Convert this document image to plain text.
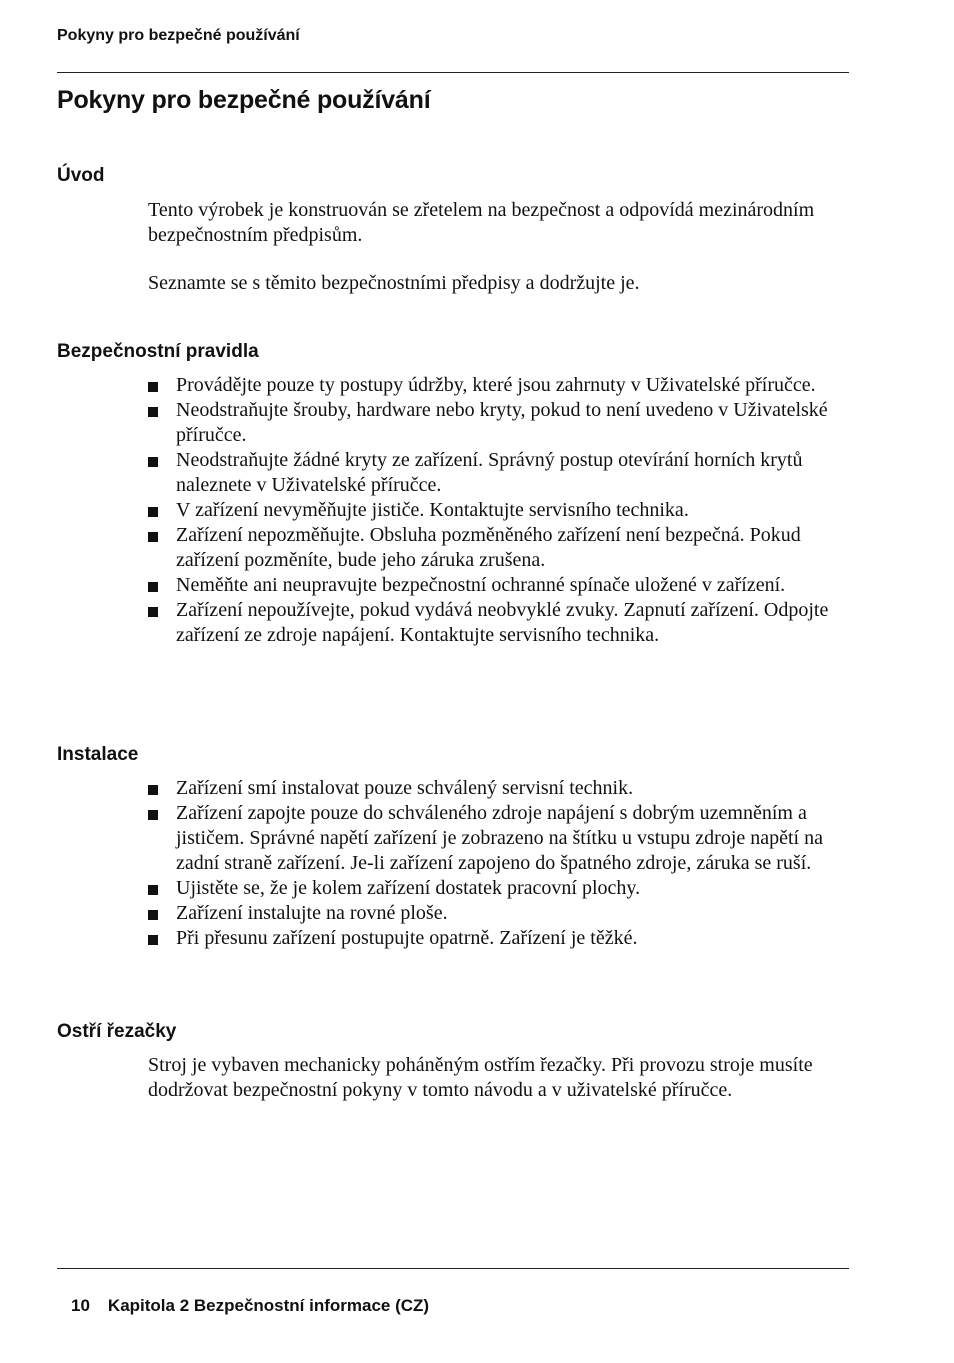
Pokyny pro bezpečné používání
Pokyny pro bezpečné používání
Úvod

Tento výrobek je konstruován se zřetelem na bezpečnost a odpovídá mezinárodním bezpečnostním předpisům.

Seznamte se s těmito bezpečnostními předpisy a dodržujte je.

Bezpečnostní pravidla
Provádějte pouze ty postupy údržby, které jsou zahrnuty v Uživatelské příručce.
Neodstraňujte šrouby, hardware nebo kryty, pokud to není uvedeno v Uživatelské příručce.
Neodstraňujte žádné kryty ze zařízení. Správný postup otevírání horních krytů naleznete v Uživatelské příručce.
V zařízení nevyměňujte jističe. Kontaktujte servisního technika.
Zařízení nepozměňujte. Obsluha pozměněného zařízení není bezpečná. Pokud zařízení pozměníte, bude jeho záruka zrušena.
Neměňte ani neupravujte bezpečnostní ochranné spínače uložené v zařízení.
Zařízení nepoužívejte, pokud vydává neobvyklé zvuky. Zapnutí zařízení. Odpojte zařízení ze zdroje napájení. Kontaktujte servisního technika.
Instalace
Zařízení smí instalovat pouze schválený servisní technik.
Zařízení zapojte pouze do schváleného zdroje napájení s dobrým uzemněním a jističem. Správné napětí zařízení je zobrazeno na štítku u vstupu zdroje napětí na zadní straně zařízení. Je-li zařízení zapojeno do špatného zdroje, záruka se ruší.
Ujistěte se, že je kolem zařízení dostatek pracovní plochy.
Zařízení instalujte na rovné ploše.
Při přesunu zařízení postupujte opatrně. Zařízení je těžké.
Ostří řezačky

Stroj je vybaven mechanicky poháněným ostřím řezačky. Při provozu stroje musíte dodržovat bezpečnostní pokyny v tomto návodu a v uživatelské příručce.

10 Kapitola 2 Bezpečnostní informace (CZ)
